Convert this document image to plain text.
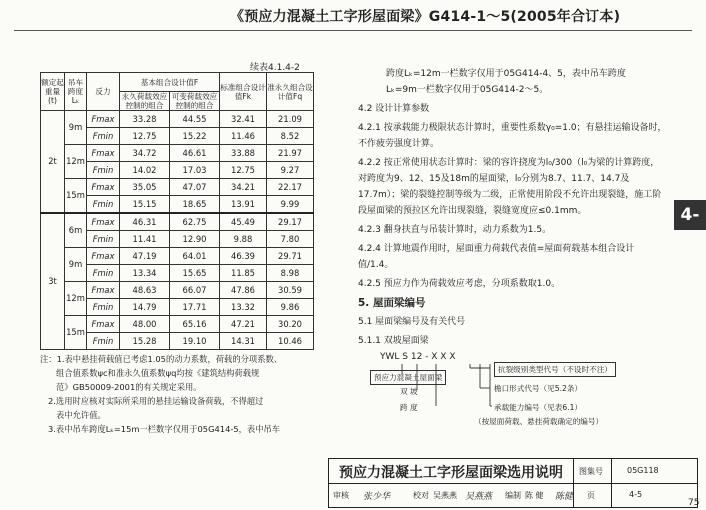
《预应力混凝土工字形屋面梁》G414-1～5(2005年合订本)
4-
续表4.1.4-2
额定起重量(t)	吊车跨度Lₖ	反力	基本组合设计值F		标准组合设计值Fk	准永久组合设计值Fq
			永久荷载效应控制的组合	可变荷载效应控制的组合		
2t	9m	Fmax	33.28	44.55	32.41	21.09
		Fmin	12.75	15.22	11.46	8.52
	12m	Fmax	34.72	46.61	33.88	21.97
		Fmin	14.02	17.03	12.75	9.27
	15m	Fmax	35.05	47.07	34.21	22.17
		Fmin	15.15	18.65	13.91	9.99
3t	6m	Fmax	46.31	62.75	45.49	29.17
		Fmin	11.41	12.90	9.88	7.80
	9m	Fmax	47.19	64.01	46.39	29.71
		Fmin	13.34	15.65	11.85	8.98
	12m	Fmax	48.63	66.07	47.86	30.59
		Fmin	14.79	17.71	13.32	9.86
	15m	Fmax	48.00	65.16	47.21	30.20
		Fmin	15.28	19.10	14.31	10.46

注：1.表中悬挂荷载值已考虑1.05的动力系数，荷载的分项系数、

组合值系数ψc和准永久值系数ψq均按《建筑结构荷载规

范》GB50009-2001的有关规定采用。

2.选用时应核对实际所采用的悬挂运输设备荷载，不得超过

表中允许值。

3.表中吊车跨度Lₖ=15m一栏数字仅用于05G414-5，表中吊车

跨度Lₖ=12m一栏数字仅用于05G414-4、5，表中吊车跨度

Lₖ=9m一栏数字仅用于05G414-2～5。

4.2 设计计算参数

4.2.1 按承载能力极限状态计算时，重要性系数γ₀=1.0；有悬挂运输设备时，不作疲劳强度计算。

4.2.2 按正常使用状态计算时：梁的容许挠度为l₀/300（l₀为梁的计算跨度，对跨度为9、12、15及18m的屋面梁，l₀分别为8.7、11.7、14.7及17.7m）；梁的裂缝控制等级为二级，正常使用阶段不允许出现裂缝，施工阶段屋面梁的预拉区允许出现裂缝，裂缝宽度应≤0.1mm。

4.2.3 翻身扶直与吊装计算时，动力系数为1.5。

4.2.4 计算地震作用时，屋面重力荷载代表值=屋面荷载基本组合设计值/1.4。

4.2.5 预应力作为荷载效应考虑，分项系数取1.0。

5. 屋面梁编号

5.1 屋面梁编号及有关代号

5.1.1 双坡屋面梁

YWL S 12 - X X X
预应力混凝土屋面梁
双 坡
跨 度
抗裂级别类型代号（不设时不注）
檐口形式代号（见5.2条）
承载能力编号（见表6.1）
（按屋面荷载、悬挂荷载确定的编号）
预应力混凝土工字形屋面梁选用说明 图集号	05G118
审核 张少华	校对 吴燕燕 吴燕燕 编制 陈 健 陈健 页	4-5
75
